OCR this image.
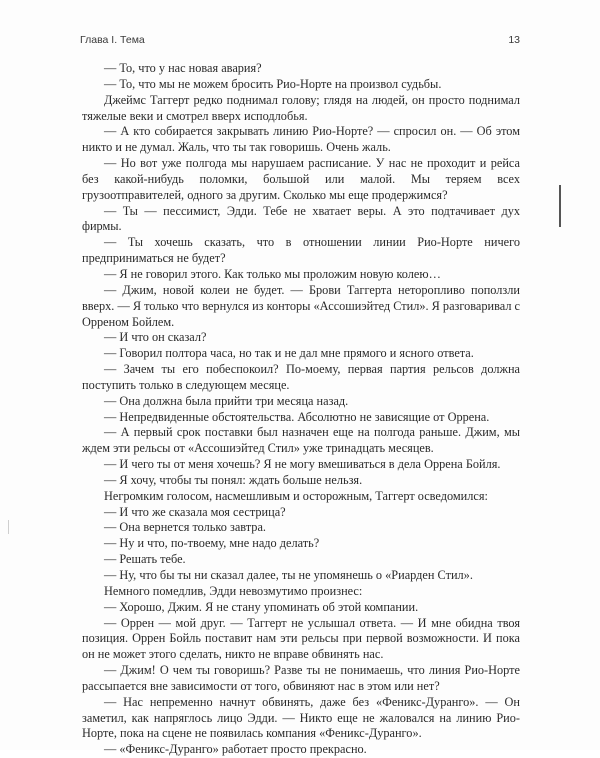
Глава I. Тема	13

— То, что у нас новая авария?

— То, что мы не можем бросить Рио-Норте на произвол судьбы.

Джеймс Таггерт редко поднимал голову; глядя на людей, он просто поднимал тяжелые веки и смотрел вверх исподлобья.

— А кто собирается закрывать линию Рио-Норте? — спросил он. — Об этом никто и не думал. Жаль, что ты так говоришь. Очень жаль.

— Но вот уже полгода мы нарушаем расписание. У нас не проходит и рейса без какой-нибудь поломки, большой или малой. Мы теряем всех грузоотправителей, одного за другим. Сколько мы еще продержимся?

— Ты — пессимист, Эдди. Тебе не хватает веры. А это подтачивает дух фирмы.

— Ты хочешь сказать, что в отношении линии Рио-Норте ничего предприниматься не будет?

— Я не говорил этого. Как только мы проложим новую колею…

— Джим, новой колеи не будет. — Брови Таггерта неторопливо поползли вверх. — Я только что вернулся из конторы «Ассошиэйтед Стил». Я разговаривал с Орреном Бойлем.

— И что он сказал?

— Говорил полтора часа, но так и не дал мне прямого и ясного ответа.

— Зачем ты его побеспокоил? По-моему, первая партия рельсов должна поступить только в следующем месяце.

— Она должна была прийти три месяца назад.

— Непредвиденные обстоятельства. Абсолютно не зависящие от Оррена.

— А первый срок поставки был назначен еще на полгода раньше. Джим, мы ждем эти рельсы от «Ассошиэйтед Стил» уже тринадцать месяцев.

— И чего ты от меня хочешь? Я не могу вмешиваться в дела Оррена Бойля.

— Я хочу, чтобы ты понял: ждать больше нельзя.

Негромким голосом, насмешливым и осторожным, Таггерт осведомился:

— И что же сказала моя сестрица?

— Она вернется только завтра.

— Ну и что, по-твоему, мне надо делать?

— Решать тебе.

— Ну, что бы ты ни сказал далее, ты не упомянешь о «Риарден Стил».

Немного помедлив, Эдди невозмутимо произнес:

— Хорошо, Джим. Я не стану упоминать об этой компании.

— Оррен — мой друг. — Таггерт не услышал ответа. — И мне обидна твоя позиция. Оррен Бойль поставит нам эти рельсы при первой возможности. И пока он не может этого сделать, никто не вправе обвинять нас.

— Джим! О чем ты говоришь? Разве ты не понимаешь, что линия Рио-Норте рассыпается вне зависимости от того, обвиняют нас в этом или нет?

— Нас непременно начнут обвинять, даже без «Феникс-Дуранго». — Он заметил, как напряглось лицо Эдди. — Никто еще не жаловался на линию Рио-Норте, пока на сцене не появилась компания «Феникс-Дуранго».

— «Феникс-Дуранго» работает просто прекрасно.
